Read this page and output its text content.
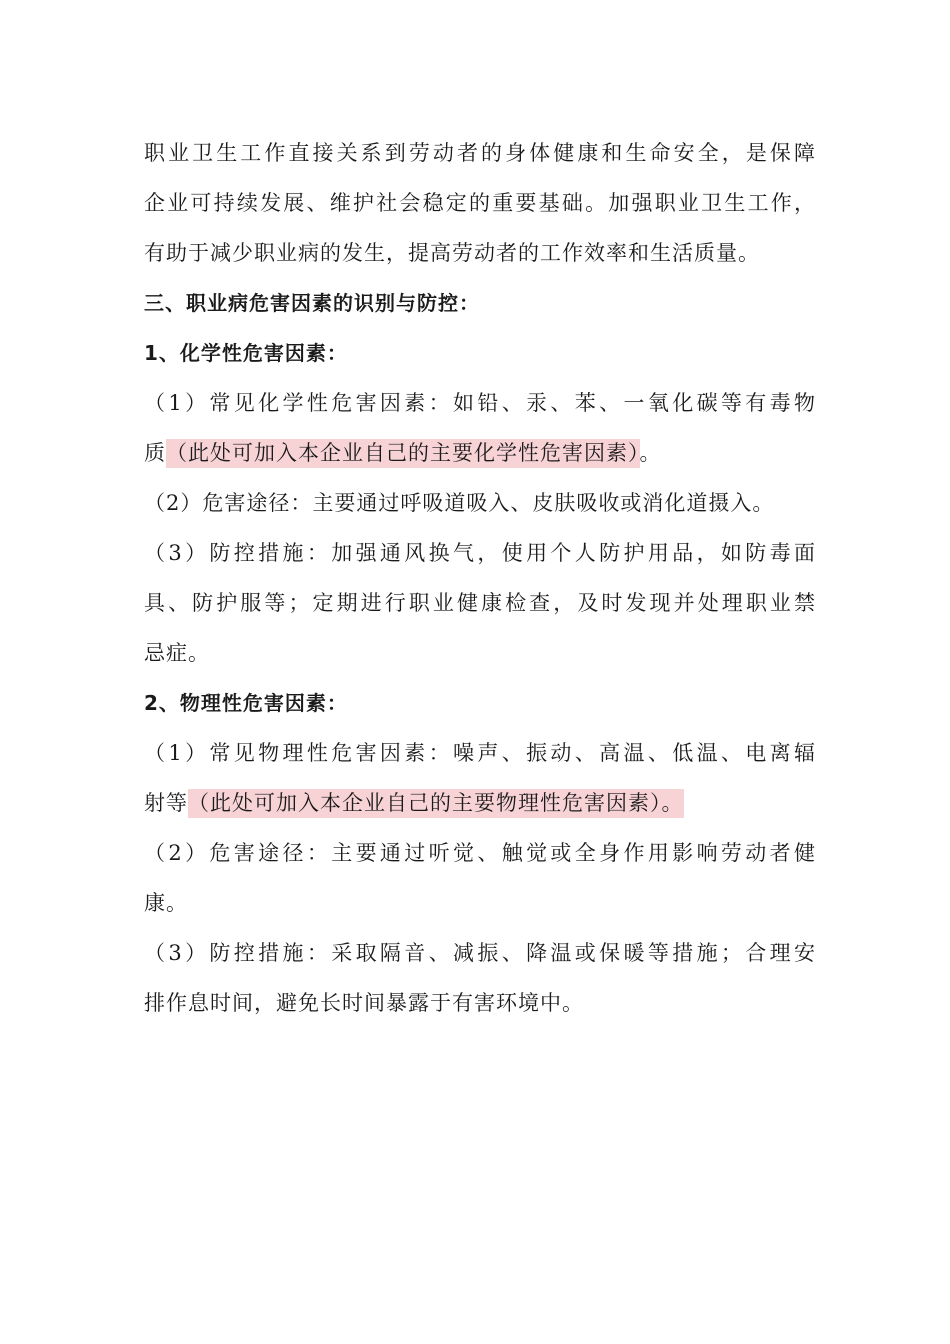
职业卫生工作直接关系到劳动者的身体健康和生命安全，是保障
企业可持续发展、维护社会稳定的重要基础。加强职业卫生工作，
有助于减少职业病的发生，提高劳动者的工作效率和生活质量。
三、职业病危害因素的识别与防控：
1、化学性危害因素：
（1）常见化学性危害因素：如铅、汞、苯、一氧化碳等有毒物
质（此处可加入本企业自己的主要化学性危害因素）。
（2）危害途径：主要通过呼吸道吸入、皮肤吸收或消化道摄入。
（3）防控措施：加强通风换气，使用个人防护用品，如防毒面
具、防护服等；定期进行职业健康检查，及时发现并处理职业禁
忌症。
2、物理性危害因素：
（1）常见物理性危害因素：噪声、振动、高温、低温、电离辐
射等（此处可加入本企业自己的主要物理性危害因素）。
（2）危害途径：主要通过听觉、触觉或全身作用影响劳动者健
康。
（3）防控措施：采取隔音、减振、降温或保暖等措施；合理安
排作息时间，避免长时间暴露于有害环境中。
